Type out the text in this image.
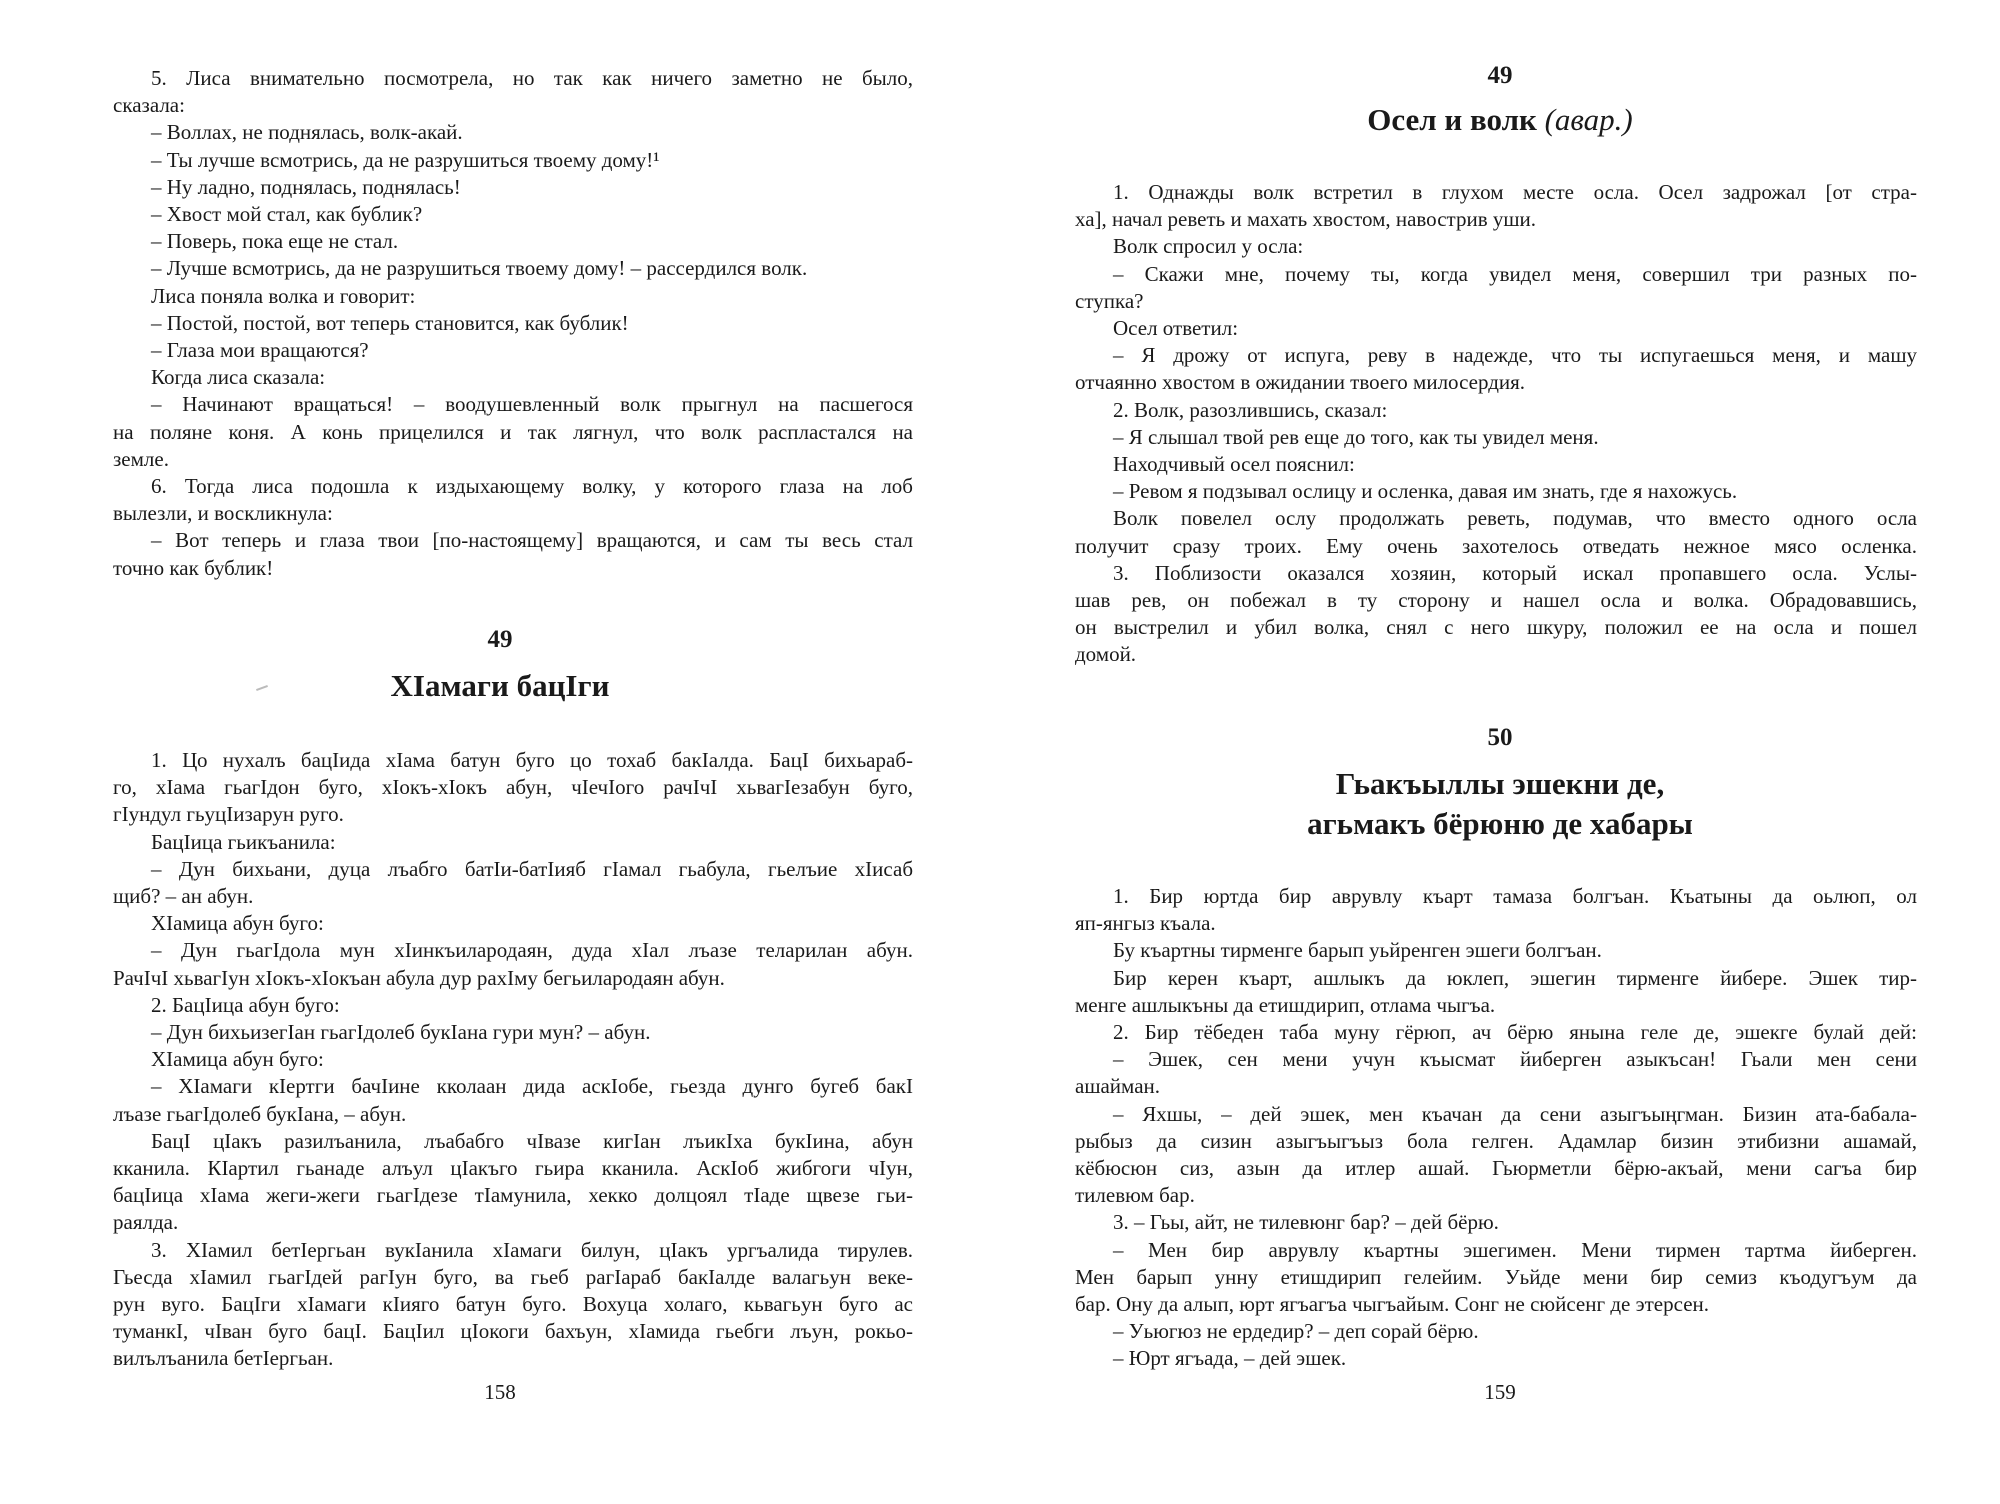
5. Лиса внимательно посмотрела, но так как ничего заметно не было,
сказала:
– Воллах, не поднялась, волк-акай.
– Ты лучше всмотрись, да не разрушиться твоему дому!¹
– Ну ладно, поднялась, поднялась!
– Хвост мой стал, как бублик?
– Поверь, пока еще не стал.
– Лучше всмотрись, да не разрушиться твоему дому! – рассердился волк.
Лиса поняла волка и говорит:
– Постой, постой, вот теперь становится, как бублик!
– Глаза мои вращаются?
Когда лиса сказала:
– Начинают вращаться! – воодушевленный волк прыгнул на пасшегося
на поляне коня. А конь прицелился и так лягнул, что волк распластался на
земле.
6. Тогда лиса подошла к издыхающему волку, у которого глаза на лоб
вылезли, и воскликнула:
– Вот теперь и глаза твои [по-настоящему] вращаются, и сам ты весь стал
точно как бублик!
49
ХIамаги бацIги
1. Цо нухалъ бацIида хIама батун буго цо тохаб бакIалда. БацI бихьараб-
го, хIама гьагIдон буго, хIокъ-хIокъ абун, чIечIого рачIчI хьвагIезабун буго,
гIундул гьуцIизарун руго.
БацIица гьикъанила:
– Дун бихьани, дуца лъабго батIи-батIияб гIамал гьабула, гьелъие хIисаб
щиб? – ан абун.
ХIамица абун буго:
– Дун гьагIдола мун хIинкъилародаян, дуда хIал лъазе теларилан абун.
РачIчI хьвагIун хIокъ-хIокъан абула дур рахIму бегьилародаян абун.
2. БацIица абун буго:
– Дун бихьизегIан гьагIдолеб букIана гури мун? – абун.
ХIамица абун буго:
– ХIамаги кIертги бачIине кколаан дида аскIобе, гьезда дунго бугеб бакI
лъазе гьагIдолеб букIана, – абун.
БацI цIакъ разилъанила, лъабабго чIвазе кигIан лъикIха букIина, абун
кканила. КIартил гьанаде алъул цIакъго гьира кканила. АскIоб жибгоги чIун,
бацIица хIама жеги-жеги гьагIдезе тIамунила, хекко долцоял тIаде щвезе гьи-
раялда.
3. ХIамил бетIергьан вукIанила хIамаги билун, цIакъ ургъалида тирулев.
Гьесда хIамил гьагIдей рагIун буго, ва гьеб рагIараб бакIалде валагьун веке-
рун вуго. БацIги хIамаги кIияго батун буго. Вохуца холаго, кьвагьун буго ас
туманкI, чIван буго бацI. БацIил цIокоги бахъун, хIамида гьебги лъун, рокьо-
вилълъанила бетIергьан.
158
49
Осел и волк (авар.)
1. Однажды волк встретил в глухом месте осла. Осел задрожал [от стра-
ха], начал реветь и махать хвостом, навострив уши.
Волк спросил у осла:
– Скажи мне, почему ты, когда увидел меня, совершил три разных по-
ступка?
Осел ответил:
– Я дрожу от испуга, реву в надежде, что ты испугаешься меня, и машу
отчаянно хвостом в ожидании твоего милосердия.
2. Волк, разозлившись, сказал:
– Я слышал твой рев еще до того, как ты увидел меня.
Находчивый осел пояснил:
– Ревом я подзывал ослицу и осленка, давая им знать, где я нахожусь.
Волк повелел ослу продолжать реветь, подумав, что вместо одного осла
получит сразу троих. Ему очень захотелось отведать нежное мясо осленка.
3. Поблизости оказался хозяин, который искал пропавшего осла. Услы-
шав рев, он побежал в ту сторону и нашел осла и волка. Обрадовавшись,
он выстрелил и убил волка, снял с него шкуру, положил ее на осла и пошел
домой.
50
Гьакъыллы эшекни де,
агьмакъ бёрюню де хабары
1. Бир юртда бир аврувлу къарт тамаза болгъан. Къатыны да оьлюп, ол
яп-янгыз къала.
Бу къартны тирменге барып уьйренген эшеги болгъан.
Бир керен къарт, ашлыкъ да юклеп, эшегин тирменге йибере. Эшек тир-
менге ашлыкъны да етишдирип, отлама чыгъа.
2. Бир тёбеден таба муну гёрюп, ач бёрю янына геле де, эшекге булай дей:
– Эшек, сен мени учун къысмат йиберген азыкъсан! Гьали мен сени
ашайман.
– Яхшы, – дей эшек, мен къачан да сени азыгъыңгман. Бизин ата-бабала-
рыбыз да сизин азыгъыгъыз бола гелген. Адамлар бизин этибизни ашамай,
кёбюсюн сиз, азын да итлер ашай. Гьюрметли бёрю-акъай, мени сагъа бир
тилевюм бар.
3. – Гьы, айт, не тилевюнг бар? – дей бёрю.
– Мен бир аврувлу къартны эшегимен. Мени тирмен тартма йиберген.
Мен барып унну етишдирип гелейим. Уьйде мени бир семиз къодугъум да
бар. Ону да алып, юрт ягъагъа чыгъайым. Сонг не сюйсенг де этерсен.
– Уьюгюз не ердедир? – деп сорай бёрю.
– Юрт ягъада, – дей эшек.
159
